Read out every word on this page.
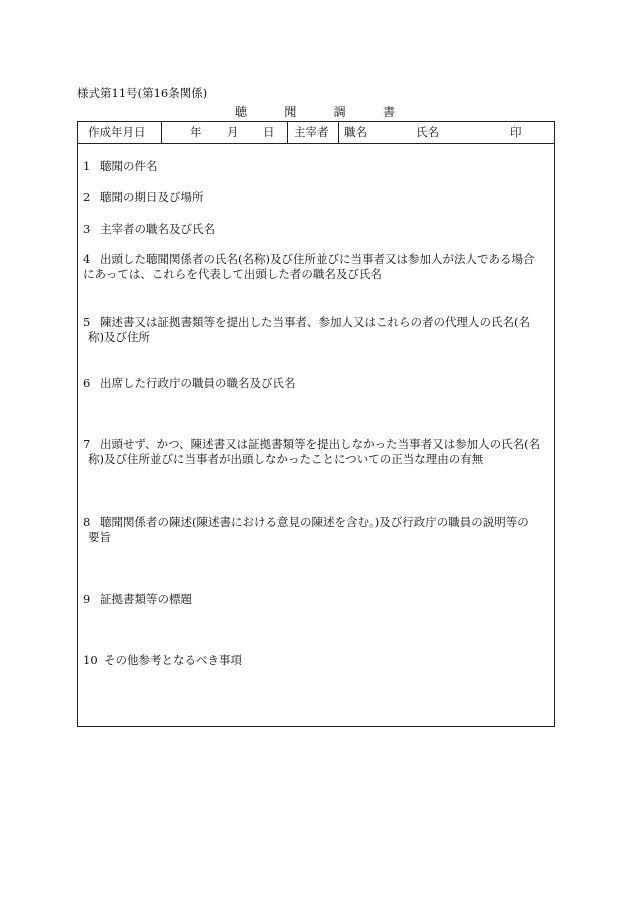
様式第11号(第16条関係)
聴	聞	調	書
作成年月日	年 月 日 主宰者 職名	氏名	印
1 聴聞の件名
2 聴聞の期日及び場所
3 主宰者の職名及び氏名
4 出頭した聴聞関係者の氏名(名称)及び住所並びに当事者又は参加人が法人である場合
にあっては、これらを代表して出頭した者の職名及び氏名
5 陳述書又は証拠書類等を提出した当事者、参加人又はこれらの者の代理人の氏名(名
称)及び住所
6 出席した行政庁の職員の職名及び氏名
7 出頭せず、かつ、陳述書又は証拠書類等を提出しなかった当事者又は参加人の氏名(名
称)及び住所並びに当事者が出頭しなかったことについての正当な理由の有無
8 聴聞関係者の陳述(陳述書における意見の陳述を含む。)及び行政庁の職員の説明等の
要旨
9 証拠書類等の標題
10 その他参考となるべき事項
